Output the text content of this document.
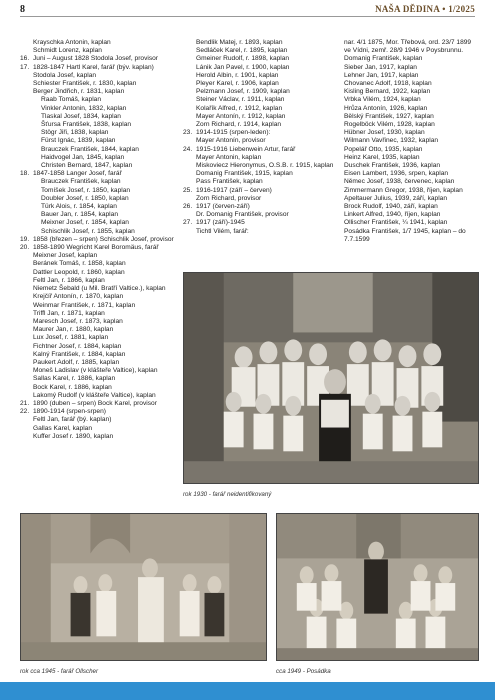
8	NAŠA DĚDINA • 1/2025
Krayschka Antonin, kaplan
Schmidt Lorenz, kaplan
16. Juni – August 1828 Stodola Josef, provisor
17. 1828-1847 Hartl Karel, farář (býv. kaplan)
Stodola Josef, kaplan
Schiester František, r. 1830, kaplan
Berger Jindřich, r. 1831, kaplan
Raab Tomáš, kaplan
Vinkler Antonin, 1832, kaplan
Tlaskal Josef, 1834, kaplan
Šťursa František, 1838, kaplan
Stögr Jiři, 1838, kaplan
Fürst Ignác, 1839, kaplan
Brauczek František, 1844, kaplan
Haidvogel Jan, 1845, kaplan
Christen Bernard, 1847, kaplan
18. 1847-1858 Langer Josef, farář
Brauczek František, kaplan
Tomíšek Josef, r. 1850, kaplan
Doubler Josef, r. 1850, kaplan
Türk Alois, r. 1854, kaplan
Bauer Jan, r. 1854, kaplan
Meixner Josef, r. 1854, kaplan
Schischlik Josef, r. 1855, kaplan
19. 1858 (březen – srpen) Schischlik Josef, provisor
20. 1858-1890 Wegricht Karel Boromäus, farář
Meixner Josef, kaplan
Beránek Tomáš, r. 1858, kaplan
Dattler Leopold, r. 1860, kaplan
Feltl Jan, r. 1866, kaplan
Niemetz Šebald (u Mil. Bratří Valtice.), kaplan
Krejčíř Antonín, r. 1870, kaplan
Weinmar František, r. 1871, kaplan
Triffl Jan, r. 1871, kaplan
Maresch Josef, r. 1873, kaplan
Maurer Jan, r. 1880, kaplan
Lux Josef, r. 1881, kaplan
Fichtner Josef, r. 1884, kaplan
Kalný František, r. 1884, kaplan
Paukert Adolf, r. 1885, kaplan
Moneš Ladislav (v klášteře Valtice), kaplan
Sallas Karel, r. 1886, kaplan
Bock Karel, r. 1886, kaplan
Lakomý Rudolf (v klášteře Valtice), kaplan
21. 1890 (duben – srpen) Bock Karel, provisor
22. 1890-1914 (srpen-srpen)
Feltl Jan, farář (bý. kaplan)
Gallas Karel, kaplan
Kuffer Josef r. 1890, kaplan
Bendlik Matej, r. 1893, kaplan
Sedláček Karel, r. 1895, kaplan
Gmeiner Rudolf, r. 1898, kaplan
Lánik Jan Pavel, r. 1900, kaplan
Herold Albin, r. 1901, kaplan
Pleyer Karel, r. 1906, kaplan
Pelzmann Josef, r. 1909, kaplan
Steiner Václav, r. 1911, kaplan
Kolařík Alfred, r. 1912, kaplan
Mayer Antonín, r. 1912, kaplan
Zorn Richard, r. 1914, kaplan
23. 1914-1915 (srpen-leden):
Mayer Antonín, provisor
24. 1915-1916 Liebenwein Artur, farář
Mayer Antonin, kaplan
Miskoviecz Hieronymus, O.S.B. r. 1915, kaplan
Domanig František, 1915, kaplan
Pass František, kaplan
25. 1916-1917 (září – červen)
Zorn Richard, provisor
26. 1917 (červen-září)
Dr. Domanig František, provisor
27. 1917 (září)-1945
Tichtl Vilém, farář:
nar. 4/1 1875, Mor. Třebová, ord. 23/7 1899 ve Vídni, zemř. 28/9 1946 v Poysbrunnu.
Domanig František, kaplan
Sieber Jan, 1917, kaplan
Lehner Jan, 1917, kaplan
Chovanec Adolf, 1918, kaplan
Kisling Bernard, 1922, kaplan
Vrbka Vilém, 1924, kaplan
Hrůza Antonín, 1926, kaplan
Bělský František, 1927, kaplan
Rogelböck Vilém, 1928, kaplan
Hübner Josef, 1930, kaplan
Wilmann Vavřinec, 1932, kaplan
Popelář Otto, 1935, kaplan
Heinz Karel, 1935, kaplan
Duschek František, 1936, kaplan
Eisen Lambert, 1936, srpen, kaplan
Němec Josef, 1938, červenec, kaplan
Zimmermann Gregor, 1938, říjen, kaplan
Apeltauer Julius, 1939, září, kaplan
Brock Rudolf, 1940, září, kaplan
Linkert Alfred, 1940, říjen, kaplan
Ollischer František, ¼ 1941, kaplan
Posádka František, 1/7 1945, kaplan – do 7.7.1599
rok 1930 - farář neidentifikovaný
rok cca 1945 - farář Ollscher	cca 1949 - Posádka
